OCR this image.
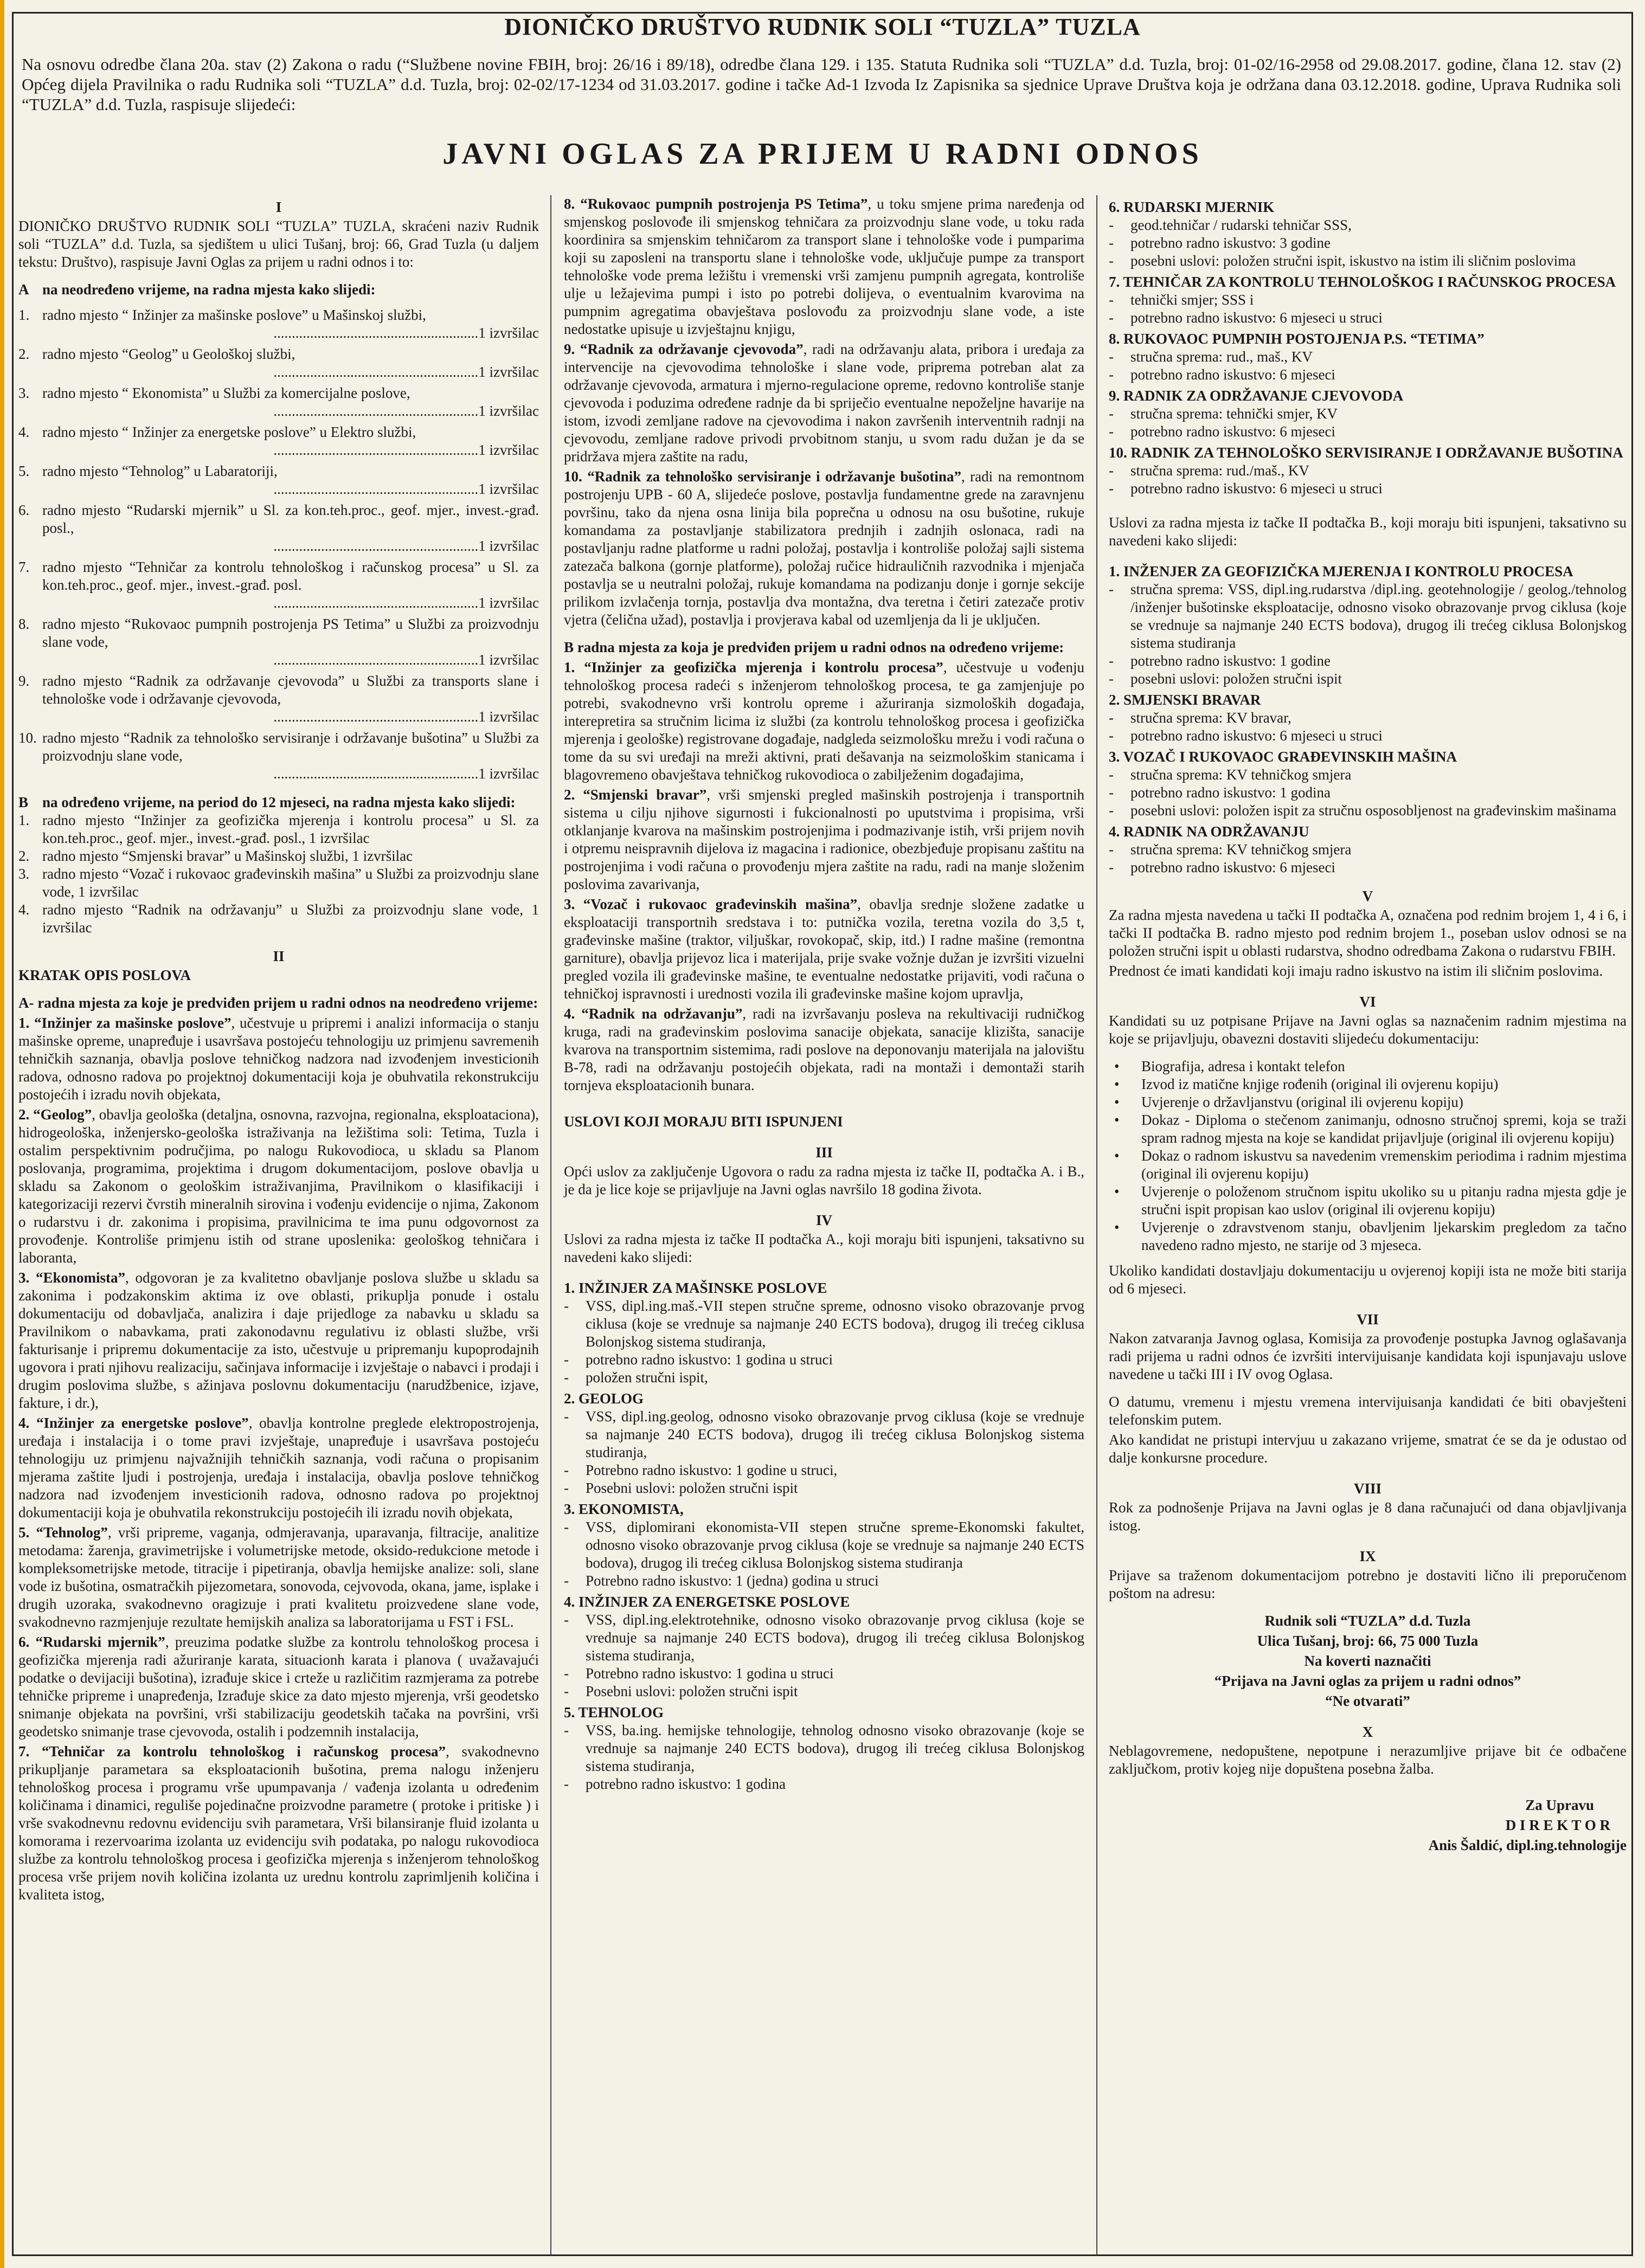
DIONIČKO DRUŠTVO RUDNIK SOLI “TUZLA” TUZLA
Na osnovu odredbe člana 20a. stav (2) Zakona o radu (“Službene novine FBIH, broj: 26/16 i 89/18), odredbe člana 129. i 135. Statuta Rudnika soli “TUZLA” d.d. Tuzla, broj: 01-02/16-2958 od 29.08.2017. godine, člana 12. stav (2) Općeg dijela Pravilnika o radu Rudnika soli “TUZLA” d.d. Tuzla, broj: 02-02/17-1234 od 31.03.2017. godine i tačke Ad-1 Izvoda Iz Zapisnika sa sjednice Uprave Društva koja je održana dana 03.12.2018. godine, Uprava Rudnika soli “TUZLA” d.d. Tuzla, raspisuje slijedeći:
JAVNI OGLAS ZA PRIJEM U RADNI ODNOS
I

DIONIČKO DRUŠTVO RUDNIK SOLI “TUZLA” TUZLA, skraćeni naziv Rudnik soli “TUZLA” d.d. Tuzla, sa sjedištem u ulici Tušanj, broj: 66, Grad Tuzla (u daljem tekstu: Društvo), raspisuje Javni Oglas za prijem u radni odnos i to:

A na neodređeno vrijeme, na radna mjesta kako slijedi:
1. radno mjesto “ Inžinjer za mašinske poslove” u Mašinskoj službi,
........................................................1 izvršilac
2. radno mjesto “Geolog” u Geološkoj službi,
........................................................1 izvršilac
3. radno mjesto “ Ekonomista” u Službi za komercijalne poslove,
........................................................1 izvršilac
4. radno mjesto “ Inžinjer za energetske poslove” u Elektro službi,
........................................................1 izvršilac
5. radno mjesto “Tehnolog” u Labaratoriji,
........................................................1 izvršilac
6. radno mjesto “Rudarski mjernik” u Sl. za kon.teh.proc., geof. mjer., invest.-građ. posl.,
........................................................1 izvršilac
7. radno mjesto “Tehničar za kontrolu tehnološkog i računskog procesa” u Sl. za kon.teh.proc., geof. mjer., invest.-građ. posl.
........................................................1 izvršilac
8. radno mjesto “Rukovaoc pumpnih postrojenja PS Tetima” u Službi za proizvodnju slane vode,
........................................................1 izvršilac
9. radno mjesto “Radnik za održavanje cjevovoda” u Službi za transports slane i tehnološke vode i održavanje cjevovoda,
........................................................1 izvršilac
10. radno mjesto “Radnik za tehnološko servisiranje i održavanje bušotina” u Službi za proizvodnju slane vode,
........................................................1 izvršilac
B na određeno vrijeme, na period do 12 mjeseci, na radna mjesta kako slijedi:
1. radno mjesto “Inžinjer za geofizička mjerenja i kontrolu procesa” u Sl. za kon.teh.proc., geof. mjer., invest.-građ. posl., 1 izvršilac
2. radno mjesto “Smjenski bravar” u Mašinskoj službi, 1 izvršilac
3. radno mjesto “Vozač i rukovaoc građevinskih mašina” u Službi za proizvodnju slane vode, 1 izvršilac
4. radno mjesto “Radnik na održavanju” u Službi za proizvodnju slane vode, 1 izvršilac
II

KRATAK OPIS POSLOVA

A- radna mjesta za koje je predviđen prijem u radni odnos na neodređeno vrijeme:

1. “Inžinjer za mašinske poslove”, učestvuje u pripremi i analizi informacija o stanju mašinske opreme, unapređuje i usavršava postojeću tehnologiju uz primjenu savremenih tehničkih saznanja, obavlja poslove tehničkog nadzora nad izvođenjem investicionih radova, odnosno radova po projektnoj dokumentaciji koja je obuhvatila rekonstrukciju postojećih i izradu novih objekata,

2. “Geolog”, obavlja geološka (detaljna, osnovna, razvojna, regionalna, eksploataciona), hidrogeološka, inženjersko-geološka istraživanja na ležištima soli: Tetima, Tuzla i ostalim perspektivnim područjima, po nalogu Rukovodioca, u skladu sa Planom poslovanja, programima, projektima i drugom dokumentacijom, poslove obavlja u skladu sa Zakonom o geološkim istraživanjima, Pravilnikom o klasifikaciji i kategorizaciji rezervi čvrstih mineralnih sirovina i vođenju evidencije o njima, Zakonom o rudarstvu i dr. zakonima i propisima, pravilnicima te ima punu odgovornost za provođenje. Kontroliše primjenu istih od strane uposlenika: geološkog tehničara i laboranta,

3. “Ekonomista”, odgovoran je za kvalitetno obavljanje poslova službe u skladu sa zakonima i podzakonskim aktima iz ove oblasti, prikuplja ponude i ostalu dokumentaciju od dobavljača, analizira i daje prijedloge za nabavku u skladu sa Pravilnikom o nabavkama, prati zakonodavnu regulativu iz oblasti službe, vrši fakturisanje i pripremu dokumentacije za isto, učestvuje u pripremanju kupoprodajnih ugovora i prati njihovu realizaciju, sačinjava informacije i izvještaje o nabavci i prodaji i drugim poslovima službe, s ažinjava poslovnu dokumentaciju (narudžbenice, izjave, fakture, i dr.),

4. “Inžinjer za energetske poslove”, obavlja kontrolne preglede elektropostrojenja, uređaja i instalacija i o tome pravi izvještaje, unapređuje i usavršava postojeću tehnologiju uz primjenu najvažnijih tehničkih saznanja, vodi računa o propisanim mjerama zaštite ljudi i postrojenja, uređaja i instalacija, obavlja poslove tehničkog nadzora nad izvođenjem investicionih radova, odnosno radova po projektnoj dokumentaciji koja je obuhvatila rekonstrukciju postojećih ili izradu novih objekata,

5. “Tehnolog”, vrši pripreme, vaganja, odmjeravanja, uparavanja, filtracije, analitize metodama: žarenja, gravimetrijske i volumetrijske metode, oksido-redukcione metode i kompleksometrijske metode, titracije i pipetiranja, obavlja hemijske analize: soli, slane vode iz bušotina, osmatračkih pijezometara, sonovoda, cejvovoda, okana, jame, isplake i drugih uzoraka, svakodnevno oragizuje i prati kvalitetu proizvedene slane vode, svakodnevno razmjenjuje rezultate hemijskih analiza sa laboratorijama u FST i FSL.

6. “Rudarski mjernik”, preuzima podatke službe za kontrolu tehnološkog procesa i geofizička mjerenja radi ažuriranje karata, situacionh karata i planova ( uvažavajući podatke o devijaciji bušotina), izrađuje skice i crteže u različitim razmjerama za potrebe tehničke pripreme i unapređenja, Izrađuje skice za dato mjesto mjerenja, vrši geodetsko snimanje objekata na površini, vrši stabilizaciju geodetskih tačaka na površini, vrši geodetsko snimanje trase cjevovoda, ostalih i podzemnih instalacija,

7. “Tehničar za kontrolu tehnološkog i računskog procesa”, svakodnevno prikupljanje parametara sa eksploatacionih bušotina, prema nalogu inženjeru tehnološkog procesa i programu vrše upumpavanja / vađenja izolanta u određenim količinama i dinamici, reguliše pojedinačne proizvodne parametre ( protoke i pritiske ) i vrše svakodnevnu redovnu evidenciju svih parametara, Vrši bilansiranje fluid izolanta u komorama i rezervoarima izolanta uz evidenciju svih podataka, po nalogu rukovodioca službe za kontrolu tehnološkog procesa i geofizička mjerenja s inženjerom tehnološkog procesa vrše prijem novih količina izolanta uz urednu kontrolu zaprimljenih količina i kvaliteta istog,

8. “Rukovaoc pumpnih postrojenja PS Tetima”, u toku smjene prima naređenja od smjenskog poslovođe ili smjenskog tehničara za proizvodnju slane vode, u toku rada koordinira sa smjenskim tehničarom za transport slane i tehnološke vode i pumparima koji su zaposleni na transportu slane i tehnološke vode, uključuje pumpe za transport tehnološke vode prema ležištu i vremenski vrši zamjenu pumpnih agregata, kontroliše ulje u ležajevima pumpi i isto po potrebi dolijeva, o eventualnim kvarovima na pumpnim agregatima obavještava poslovođu za proizvodnju slane vode, a iste nedostatke upisuje u izvještajnu knjigu,

9. “Radnik za održavanje cjevovoda”, radi na održavanju alata, pribora i uređaja za intervencije na cjevovodima tehnološke i slane vode, priprema potreban alat za održavanje cjevovoda, armatura i mjerno-regulacione opreme, redovno kontroliše stanje cjevovoda i poduzima određene radnje da bi spriječio eventualne nepoželjne havarije na istom, izvodi zemljane radove na cjevovodima i nakon završenih interventnih radnji na cjevovodu, zemljane radove privodi prvobitnom stanju, u svom radu dužan je da se pridržava mjera zaštite na radu,

10. “Radnik za tehnološko servisiranje i održavanje bušotina”, radi na remontnom postrojenju UPB - 60 A, slijedeće poslove, postavlja fundamentne grede na zaravnjenu površinu, tako da njena osna linija bila poprečna u odnosu na osu bušotine, rukuje komandama za postavljanje stabilizatora prednjih i zadnjih oslonaca, radi na postavljanju radne platforme u radni položaj, postavlja i kontroliše položaj sajli sistema zatezača balkona (gornje platforme), položaj ručice hidrauličnih razvodnika i mjenjača postavlja se u neutralni položaj, rukuje komandama na podizanju donje i gornje sekcije prilikom izvlačenja tornja, postavlja dva montažna, dva teretna i četiri zatezače protiv vjetra (čelična užad), postavlja i provjerava kabal od uzemljenja da li je uključen.

B radna mjesta za koja je predviđen prijem u radni odnos na određeno vrijeme:

1. “Inžinjer za geofizička mjerenja i kontrolu procesa”, učestvuje u vođenju tehnološkog procesa radeći s inženjerom tehnološkog procesa, te ga zamjenjuje po potrebi, svakodnevno vrši kontrolu opreme i ažuriranja sizmoloških događaja, interepretira sa stručnim licima iz službi (za kontrolu tehnološkog procesa i geofizička mjerenja i geološke) registrovane događaje, nadgleda seizmološku mrežu i vodi računa o tome da su svi uređaji na mreži aktivni, prati dešavanja na seizmološkim stanicama i blagovremeno obavještava tehničkog rukovodioca o zabilježenim događajima,

2. “Smjenski bravar”, vrši smjenski pregled mašinskih postrojenja i transportnih sistema u cilju njihove sigurnosti i fukcionalnosti po uputstvima i propisima, vrši otklanjanje kvarova na mašinskim postrojenjima i podmazivanje istih, vrši prijem novih i otpremu neispravnih dijelova iz magacina i radionice, obezbjeđuje propisanu zaštitu na postrojenjima i vodi računa o provođenju mjera zaštite na radu, radi na manje složenim poslovima zavarivanja,

3. “Vozač i rukovaoc građevinskih mašina”, obavlja srednje složene zadatke u eksploataciji transportnih sredstava i to: putnička vozila, teretna vozila do 3,5 t, građevinske mašine (traktor, viljuškar, rovokopač, skip, itd.) I radne mašine (remontna garniture), obavlja prijevoz lica i materijala, prije svake vožnje dužan je izvršiti vizuelni pregled vozila ili građevinske mašine, te eventualne nedostatke prijaviti, vodi računa o tehničkoj ispravnosti i urednosti vozila ili građevinske mašine kojom upravlja,

4. “Radnik na održavanju”, radi na izvršavanju posleva na rekultivaciji rudničkog kruga, radi na građevinskim poslovima sanacije objekata, sanacije klizišta, sanacije kvarova na transportnim sistemima, radi poslove na deponovanju materijala na jalovištu B-78, radi na održavanju postojećih objekata, radi na montaži i demontaži starih tornjeva eksploatacionih bunara.

USLOVI KOJI MORAJU BITI ISPUNJENI

III

Opći uslov za zaključenje Ugovora o radu za radna mjesta iz tačke II, podtačka A. i B., je da je lice koje se prijavljuje na Javni oglas navršilo 18 godina života.

IV

Uslovi za radna mjesta iz tačke II podtačka A., koji moraju biti ispunjeni, taksativno su navedeni kako slijedi:

1. INŽINJER ZA MAŠINSKE POSLOVE
-	VSS, dipl.ing.maš.-VII stepen stručne spreme, odnosno visoko obrazovanje prvog ciklusa (koje se vrednuje sa najmanje 240 ECTS bodova), drugog ili trećeg ciklusa Bolonjskog sistema studiranja,
-	potrebno radno iskustvo: 1 godina u struci
-	položen stručni ispit,
2. GEOLOG
-	VSS, dipl.ing.geolog, odnosno visoko obrazovanje prvog ciklusa (koje se vrednuje sa najmanje 240 ECTS bodova), drugog ili trećeg ciklusa Bolonjskog sistema studiranja,
-	Potrebno radno iskustvo: 1 godine u struci,
-	Posebni uslovi: položen stručni ispit
3. EKONOMISTA,
-	VSS, diplomirani ekonomista-VII stepen stručne spreme-Ekonomski fakultet, odnosno visoko obrazovanje prvog ciklusa (koje se vrednuje sa najmanje 240 ECTS bodova), drugog ili trećeg ciklusa Bolonjskog sistema studiranja
-	Potrebno radno iskustvo: 1 (jedna) godina u struci
4. INŽINJER ZA ENERGETSKE POSLOVE
-	VSS, dipl.ing.elektrotehnike, odnosno visoko obrazovanje prvog ciklusa (koje se vrednuje sa najmanje 240 ECTS bodova), drugog ili trećeg ciklusa Bolonjskog sistema studiranja,
-	Potrebno radno iskustvo: 1 godina u struci
-	Posebni uslovi: položen stručni ispit
5. TEHNOLOG
-	VSS, ba.ing. hemijske tehnologije, tehnolog odnosno visoko obrazovanje (koje se vrednuje sa najmanje 240 ECTS bodova), drugog ili trećeg ciklusa Bolonjskog sistema studiranja,
-	potrebno radno iskustvo: 1 godina
6. RUDARSKI MJERNIK
-	geod.tehničar / rudarski tehničar SSS,
-	potrebno radno iskustvo: 3 godine
-	posebni uslovi: položen stručni ispit, iskustvo na istim ili sličnim poslovima
7. TEHNIČAR ZA KONTROLU TEHNOLOŠKOG I RAČUNSKOG PROCESA
-	tehnički smjer; SSS i
-	potrebno radno iskustvo: 6 mjeseci u struci
8. RUKOVAOC PUMPNIH POSTOJENJA P.S. “TETIMA”
-	stručna sprema: rud., maš., KV
-	potrebno radno iskustvo: 6 mjeseci
9. RADNIK ZA ODRŽAVANJE CJEVOVODA
-	stručna sprema: tehnički smjer, KV
-	potrebno radno iskustvo: 6 mjeseci
10. RADNIK ZA TEHNOLOŠKO SERVISIRANJE I ODRŽAVANJE BUŠOTINA
-	stručna sprema: rud./maš., KV
-	potrebno radno iskustvo: 6 mjeseci u struci

Uslovi za radna mjesta iz tačke II podtačka B., koji moraju biti ispunjeni, taksativno su navedeni kako slijedi:

1. INŽENJER ZA GEOFIZIČKA MJERENJA I KONTROLU PROCESA
-	stručna sprema: VSS, dipl.ing.rudarstva /dipl.ing. geotehnologije / geolog./tehnolog /inženjer bušotinske eksploatacije, odnosno visoko obrazovanje prvog ciklusa (koje se vrednuje sa najmanje 240 ECTS bodova), drugog ili trećeg ciklusa Bolonjskog sistema studiranja
-	potrebno radno iskustvo: 1 godine
-	posebni uslovi: položen stručni ispit
2. SMJENSKI BRAVAR
-	stručna sprema: KV bravar,
-	potrebno radno iskustvo: 6 mjeseci u struci
3. VOZAČ I RUKOVAOC GRAĐEVINSKIH MAŠINA
-	stručna sprema: KV tehničkog smjera
-	potrebno radno iskustvo: 1 godina
-	posebni uslovi: položen ispit za stručnu osposobljenost na građevinskim mašinama
4. RADNIK NA ODRŽAVANJU
-	stručna sprema: KV tehničkog smjera
-	potrebno radno iskustvo: 6 mjeseci
V

Za radna mjesta navedena u tački II podtačka A, označena pod rednim brojem 1, 4 i 6, i tački II podtačka B. radno mjesto pod rednim brojem 1., poseban uslov odnosi se na položen stručni ispit u oblasti rudarstva, shodno odredbama Zakona o rudarstvu FBIH.

Prednost će imati kandidati koji imaju radno iskustvo na istim ili sličnim poslovima.

VI

Kandidati su uz potpisane Prijave na Javni oglas sa naznačenim radnim mjestima na koje se prijavljuju, obavezni dostaviti slijedeću dokumentaciju:

•	Biografija, adresa i kontakt telefon
•	Izvod iz matične knjige rođenih (original ili ovjerenu kopiju)
•	Uvjerenje o državljanstvu (original ili ovjerenu kopiju)
•	Dokaz - Diploma o stečenom zanimanju, odnosno stručnoj spremi, koja se traži spram radnog mjesta na koje se kandidat prijavljuje (original ili ovjerenu kopiju)
•	Dokaz o radnom iskustvu sa navedenim vremenskim periodima i radnim mjestima (original ili ovjerenu kopiju)
•	Uvjerenje o položenom stručnom ispitu ukoliko su u pitanju radna mjesta gdje je stručni ispit propisan kao uslov (original ili ovjerenu kopiju)
•	Uvjerenje o zdravstvenom stanju, obavljenim ljekarskim pregledom za tačno navedeno radno mjesto, ne starije od 3 mjeseca.

Ukoliko kandidati dostavljaju dokumentaciju u ovjerenoj kopiji ista ne može biti starija od 6 mjeseci.

VII

Nakon zatvaranja Javnog oglasa, Komisija za provođenje postupka Javnog oglašavanja radi prijema u radni odnos će izvršiti intervijuisanje kandidata koji ispunjavaju uslove navedene u tački III i IV ovog Oglasa.

O datumu, vremenu i mjestu vremena intervijuisanja kandidati će biti obavještenі telefonskim putem.

Ako kandidat ne pristupi intervjuu u zakazano vrijeme, smatrat će se da je odustao od dalje konkursne procedure.

VIII

Rok za podnošenje Prijava na Javni oglas je 8 dana računajući od dana objavljivanja istog.

IX

Prijave sa traženom dokumentacijom potrebno je dostaviti lično ili preporučenom poštom na adresu:

Rudnik soli “TUZLA” d.d. Tuzla

Ulica Tušanj, broj: 66, 75 000 Tuzla

Na koverti naznačiti

“Prijava na Javni oglas za prijem u radni odnos”

“Ne otvarati”

X

Neblagovremene, nedopuštene, nepotpune i nerazumljive prijave bit će odbačene zaključkom, protiv kojeg nije dopuštena posebna žalba.

Za Upravu

D I R E K T O R

Anis Šaldić, dipl.ing.tehnologije
